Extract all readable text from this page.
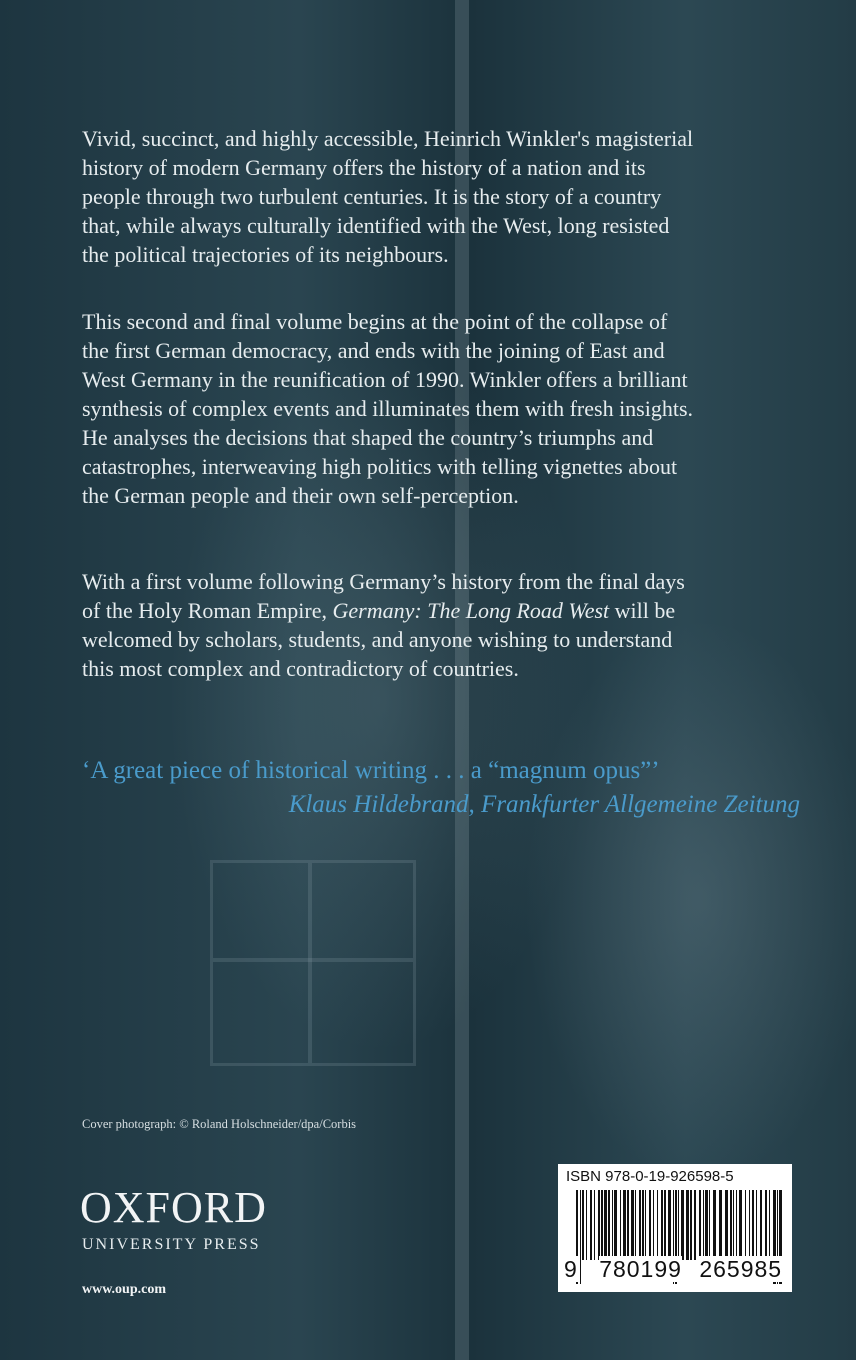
Vivid, succinct, and highly accessible, Heinrich Winkler's magisterial
history of modern Germany offers the history of a nation and its
people through two turbulent centuries. It is the story of a country
that, while always culturally identified with the West, long resisted
the political trajectories of its neighbours.
This second and final volume begins at the point of the collapse of
the first German democracy, and ends with the joining of East and
West Germany in the reunification of 1990. Winkler offers a brilliant
synthesis of complex events and illuminates them with fresh insights.
He analyses the decisions that shaped the country’s triumphs and
catastrophes, interweaving high politics with telling vignettes about
the German people and their own self-perception.
With a first volume following Germany’s history from the final days
of the Holy Roman Empire, Germany: The Long Road West will be
welcomed by scholars, students, and anyone wishing to understand
this most complex and contradictory of countries.
‘A great piece of historical writing . . . a “magnum opus”’
Klaus Hildebrand, Frankfurter Allgemeine Zeitung
Cover photograph: © Roland Holschneider/dpa/Corbis
OXFORD
UNIVERSITY PRESS
www.oup.com
ISBN 978-0-19-926598-5
9 780199 265985
